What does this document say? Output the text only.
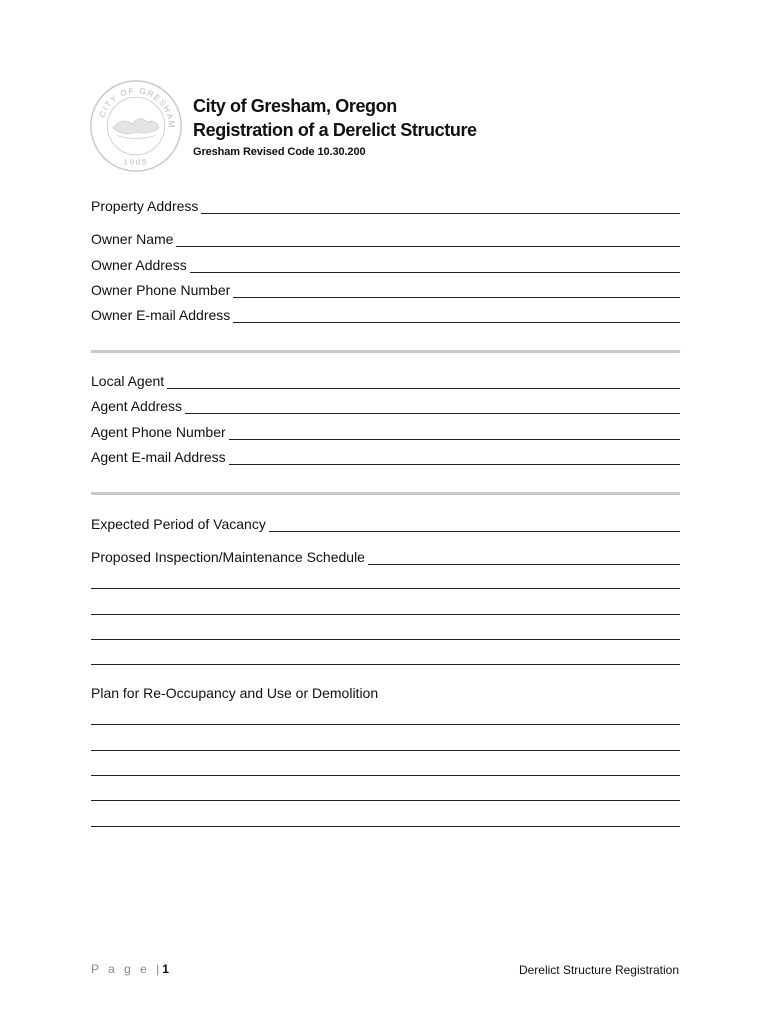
CITY OF GRESHAM
1905
City of Gresham, Oregon
Registration of a Derelict Structure
Gresham Revised Code 10.30.200
Property Address
Owner Name
Owner Address
Owner Phone Number
Owner E-mail Address
Local Agent
Agent Address
Agent Phone Number
Agent E-mail Address
Expected Period of Vacancy
Proposed Inspection/Maintenance Schedule
Plan for Re-Occupancy and Use or Demolition
P a g e |1	Derelict Structure Registration
